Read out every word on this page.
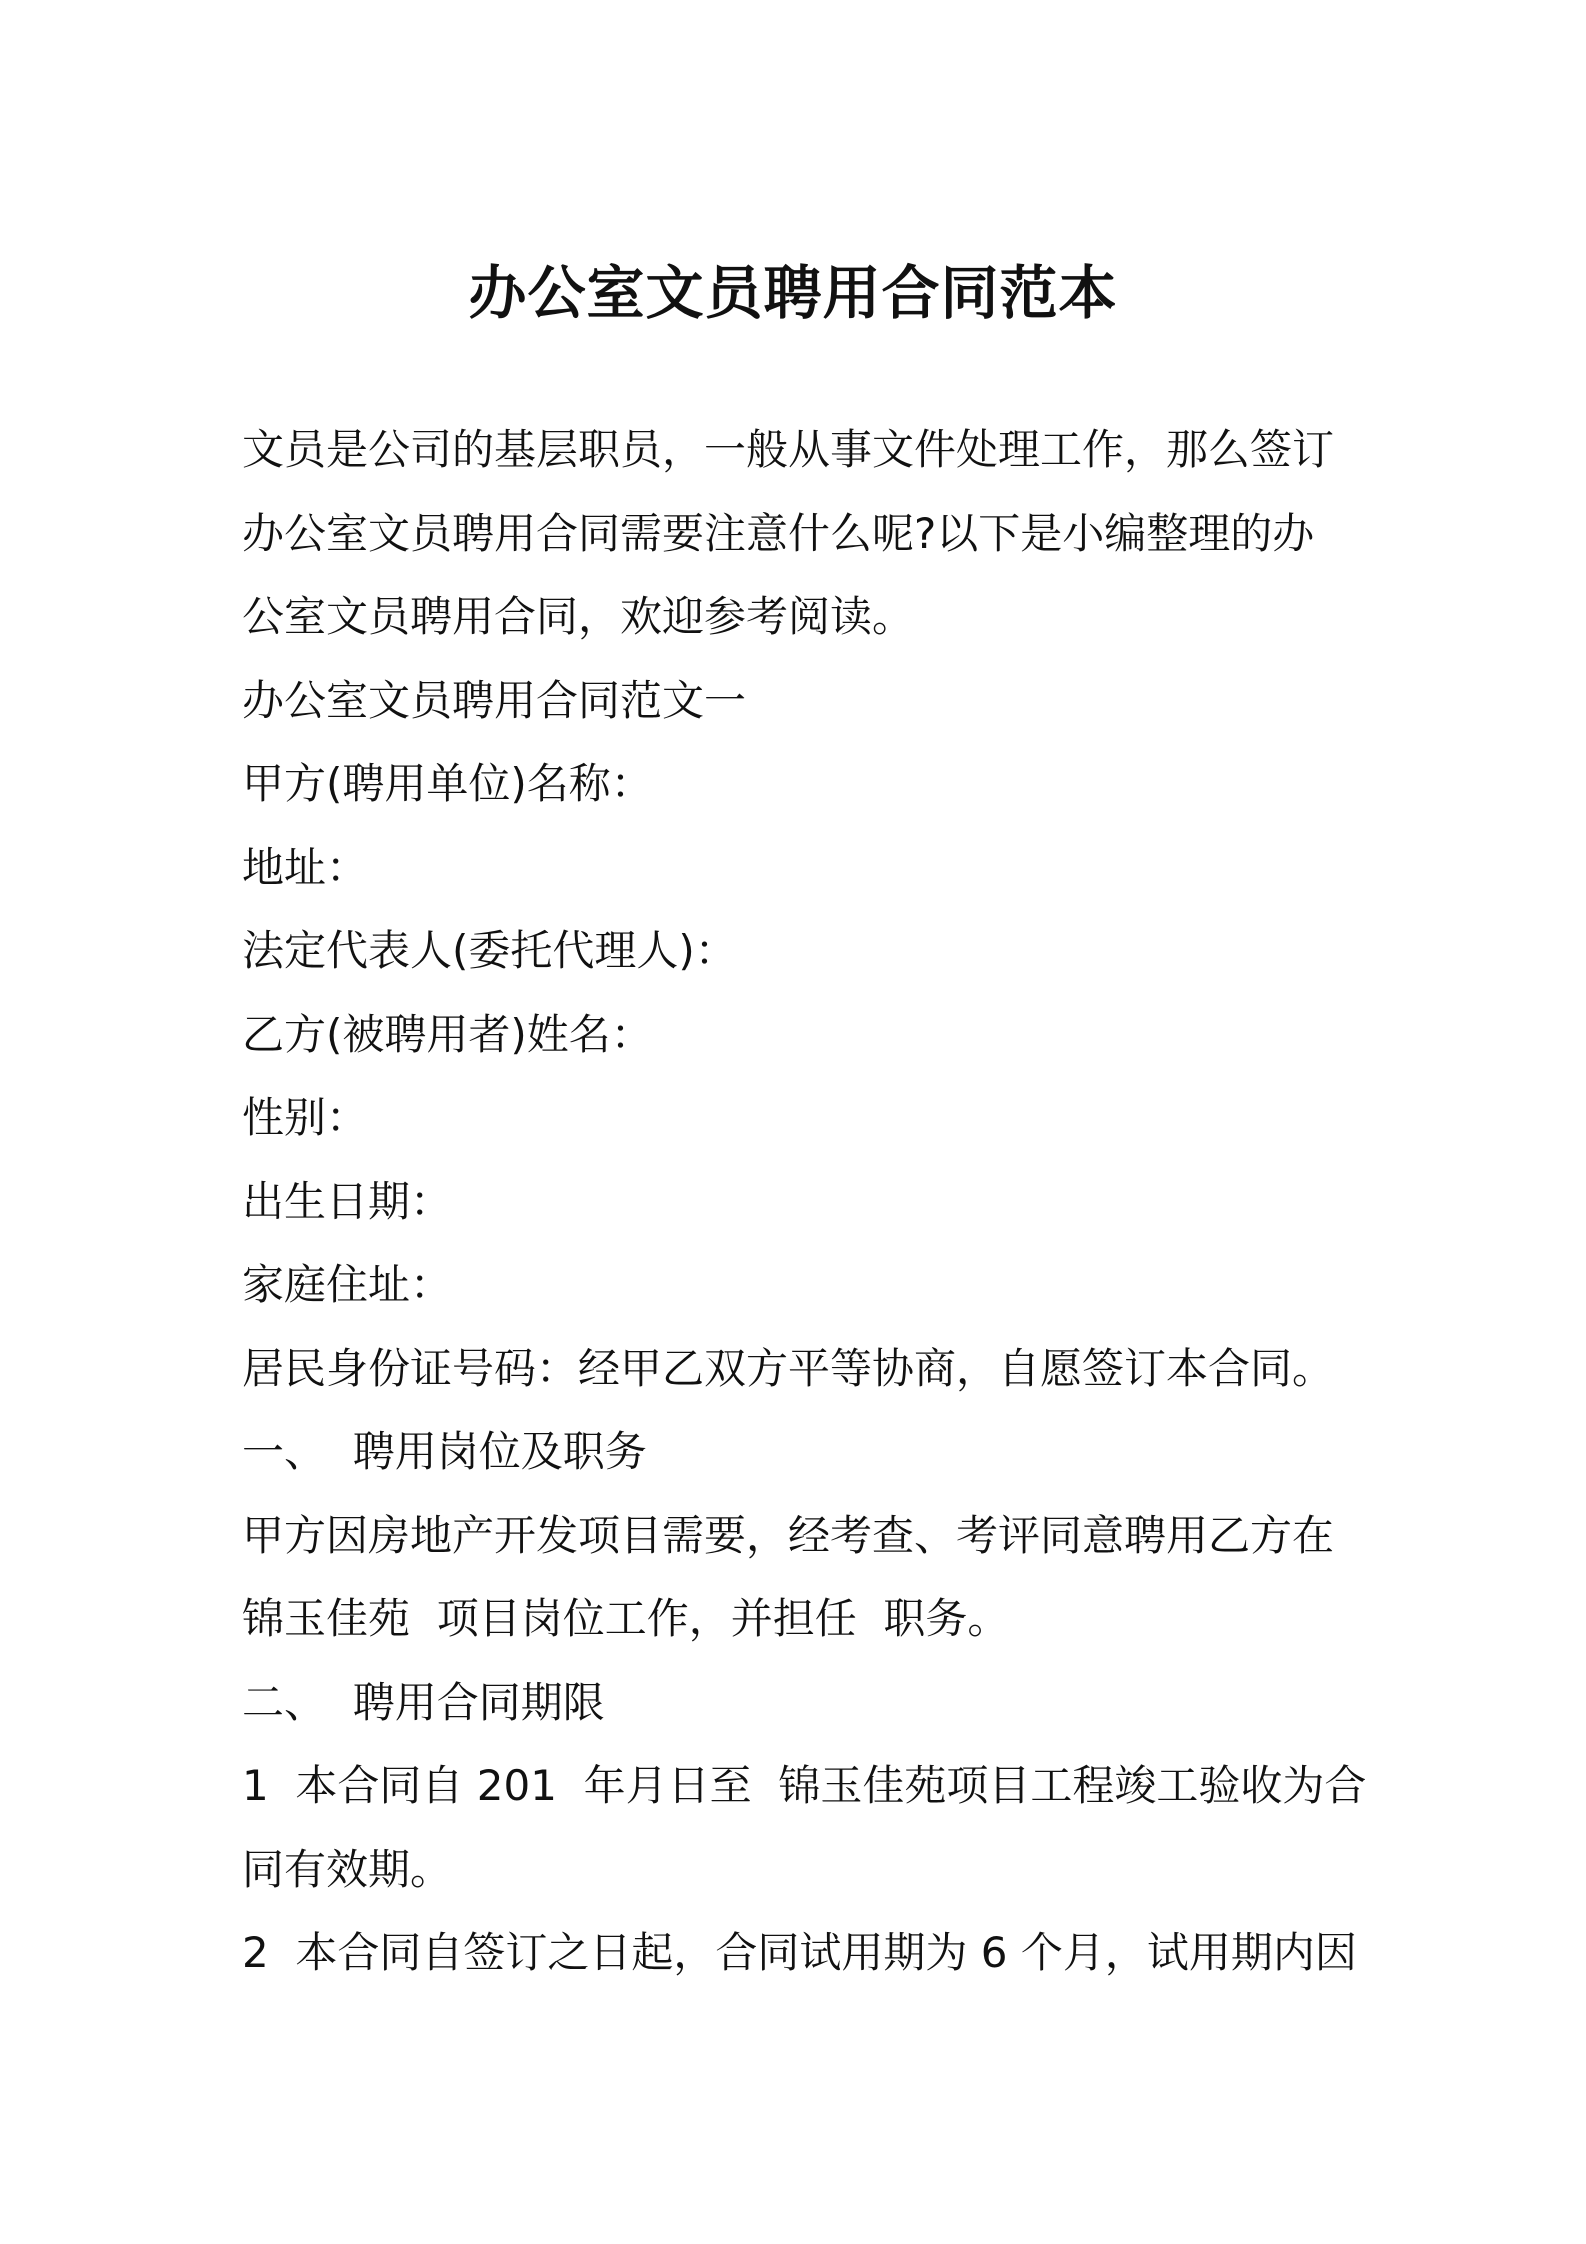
办公室文员聘用合同范本
文员是公司的基层职员，一般从事文件处理工作，那么签订
办公室文员聘用合同需要注意什么呢?以下是小编整理的办
公室文员聘用合同，欢迎参考阅读。
办公室文员聘用合同范文一
甲方(聘用单位)名称：
地址：
法定代表人(委托代理人)：
乙方(被聘用者)姓名：
性别：
出生日期：
家庭住址：
居民身份证号码：经甲乙双方平等协商，自愿签订本合同。
一、  聘用岗位及职务
甲方因房地产开发项目需要，经考查、考评同意聘用乙方在
锦玉佳苑  项目岗位工作，并担任  职务。
二、  聘用合同期限
1  本合同自 201  年月日至  锦玉佳苑项目工程竣工验收为合
同有效期。
2  本合同自签订之日起，合同试用期为 6 个月，试用期内因
